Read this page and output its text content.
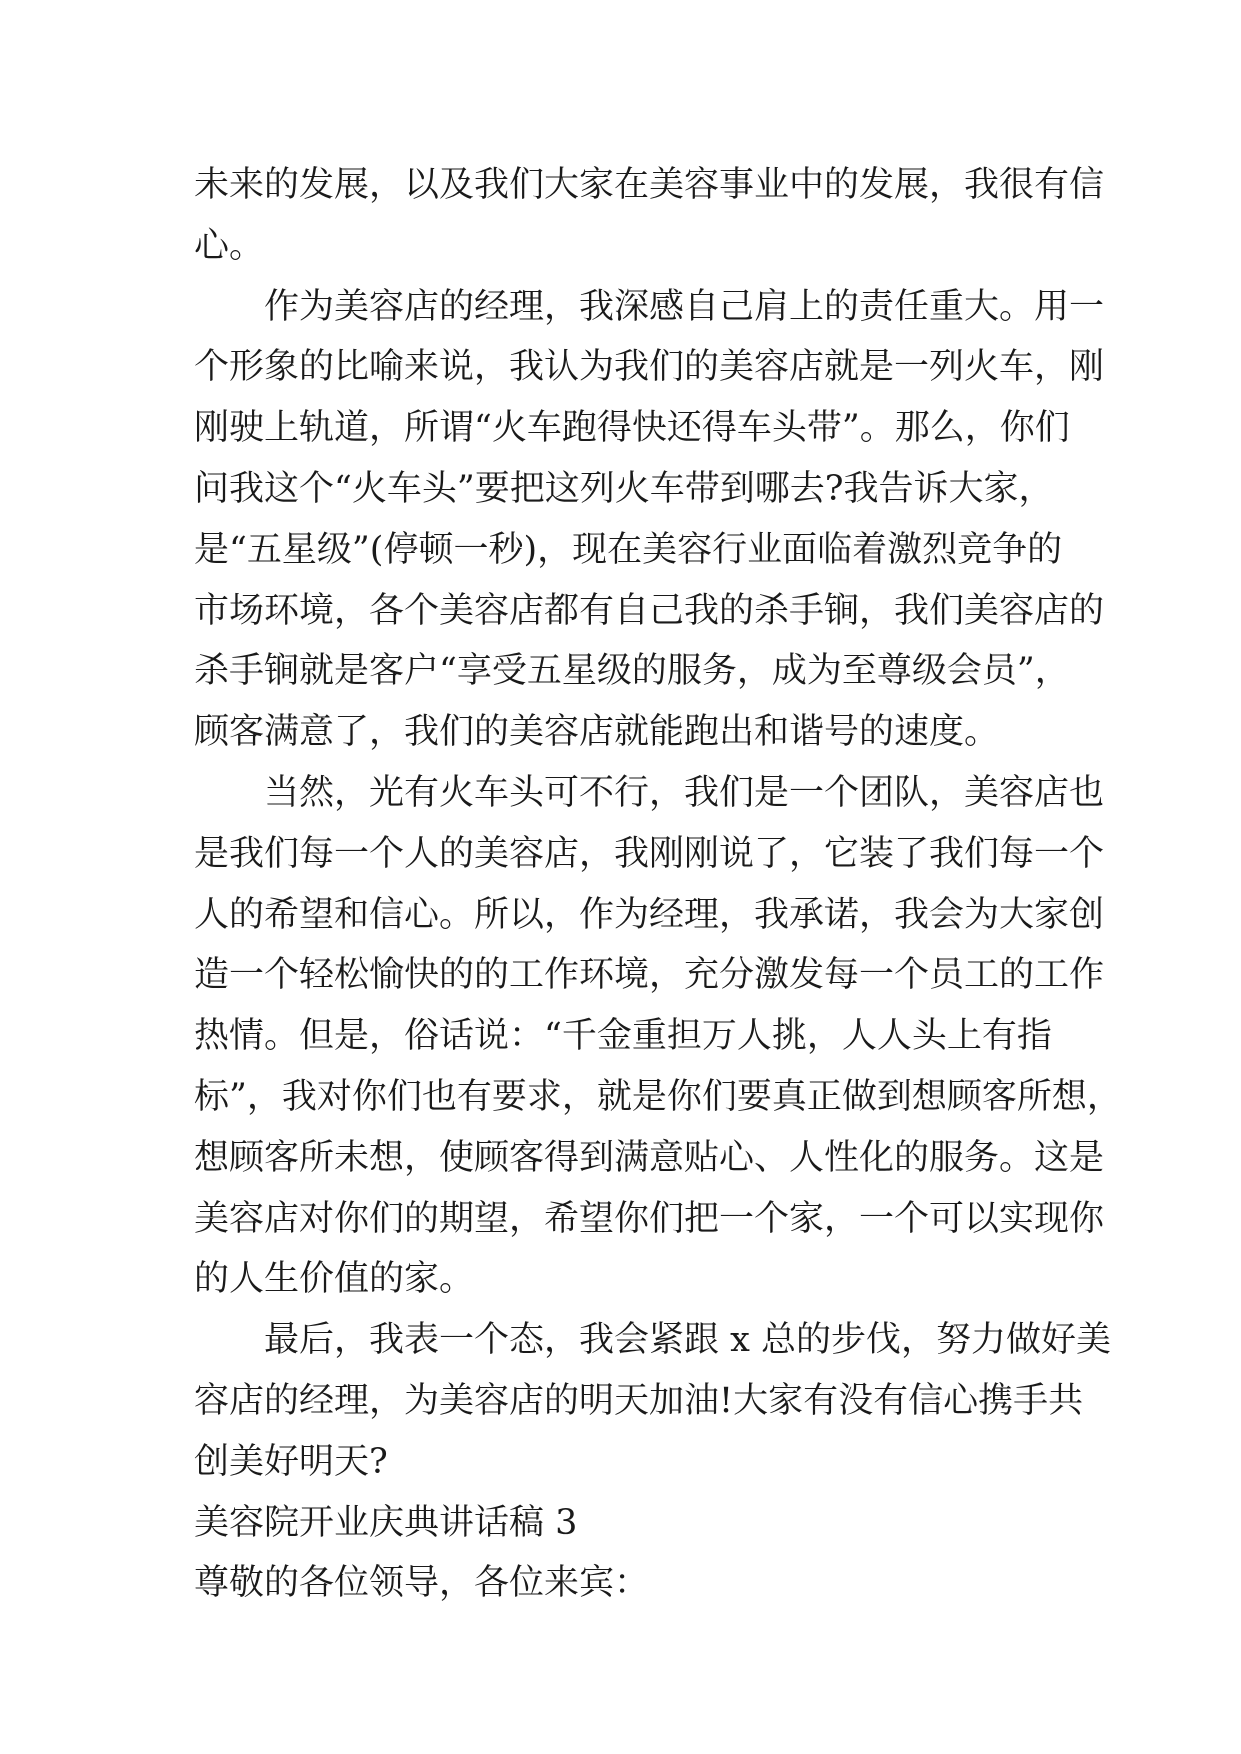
未来的发展，以及我们大家在美容事业中的发展，我很有信
心。
作为美容店的经理，我深感自己肩上的责任重大。用一
个形象的比喻来说，我认为我们的美容店就是一列火车，刚
刚驶上轨道，所谓“火车跑得快还得车头带”。那么，你们
问我这个“火车头”要把这列火车带到哪去?我告诉大家，
是“五星级”(停顿一秒)，现在美容行业面临着激烈竞争的
市场环境，各个美容店都有自己我的杀手锏，我们美容店的
杀手锏就是客户“享受五星级的服务，成为至尊级会员”，
顾客满意了，我们的美容店就能跑出和谐号的速度。
当然，光有火车头可不行，我们是一个团队，美容店也
是我们每一个人的美容店，我刚刚说了，它装了我们每一个
人的希望和信心。所以，作为经理，我承诺，我会为大家创
造一个轻松愉快的的工作环境，充分激发每一个员工的工作
热情。但是，俗话说：“千金重担万人挑，人人头上有指
标”，我对你们也有要求，就是你们要真正做到想顾客所想，
想顾客所未想，使顾客得到满意贴心、人性化的服务。这是
美容店对你们的期望，希望你们把一个家，一个可以实现你
的人生价值的家。
最后，我表一个态，我会紧跟 x 总的步伐，努力做好美
容店的经理，为美容店的明天加油!大家有没有信心携手共
创美好明天?
美容院开业庆典讲话稿 3
尊敬的各位领导，各位来宾：
